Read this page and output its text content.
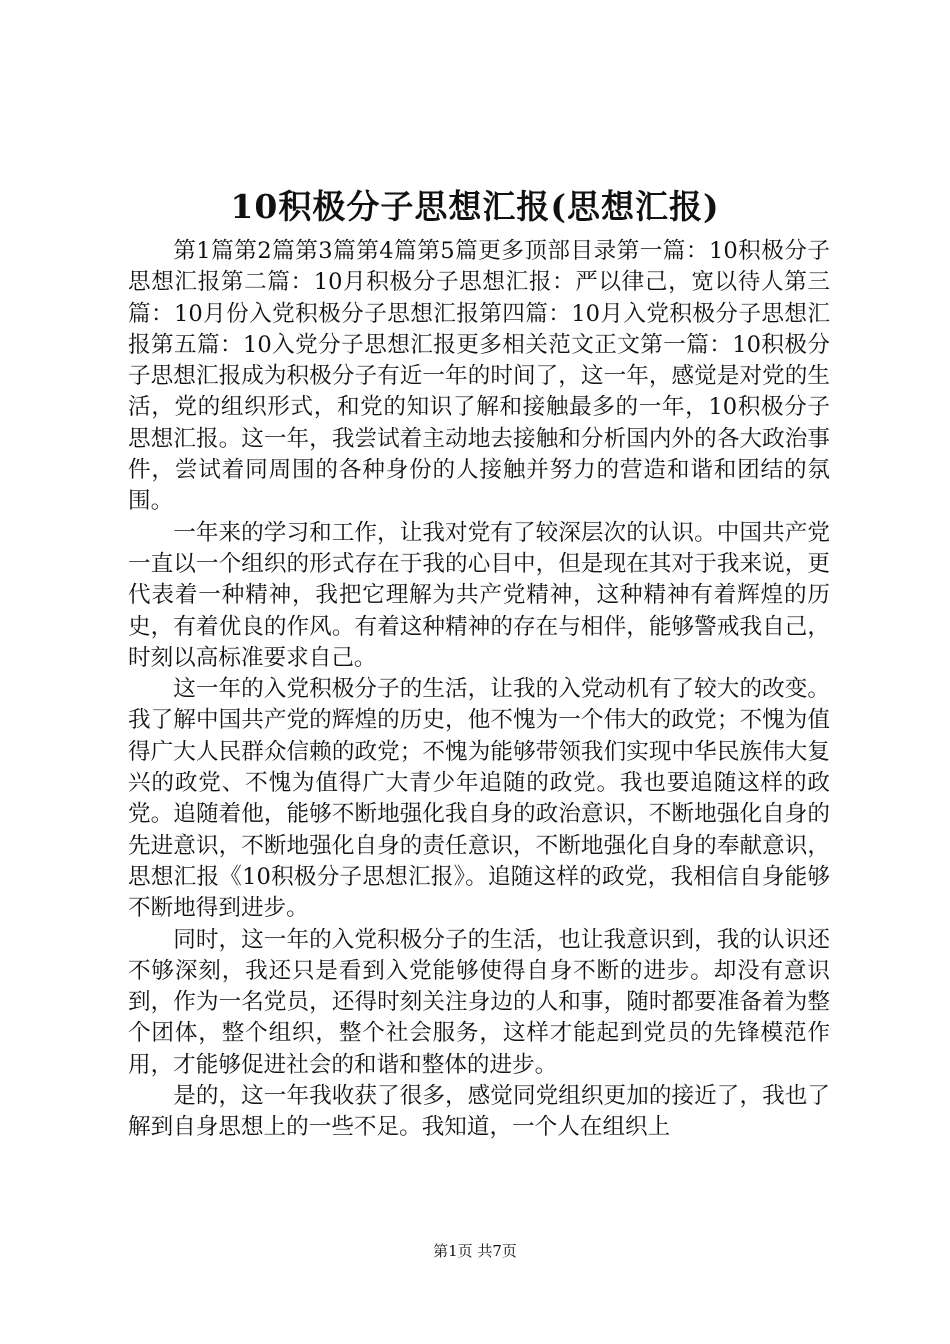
10积极分子思想汇报(思想汇报)

第1篇第2篇第3篇第4篇第5篇更多顶部目录第一篇：10积极分子思想汇报第二篇：10月积极分子思想汇报：严以律己，宽以待人第三篇：10月份入党积极分子思想汇报第四篇：10月入党积极分子思想汇报第五篇：10入党分子思想汇报更多相关范文正文第一篇：10积极分子思想汇报成为积极分子有近一年的时间了，这一年，感觉是对党的生活，党的组织形式，和党的知识了解和接触最多的一年，10积极分子思想汇报。这一年，我尝试着主动地去接触和分析国内外的各大政治事件，尝试着同周围的各种身份的人接触并努力的营造和谐和团结的氛围。

一年来的学习和工作，让我对党有了较深层次的认识。中国共产党一直以一个组织的形式存在于我的心目中，但是现在其对于我来说，更代表着一种精神，我把它理解为共产党精神，这种精神有着辉煌的历史，有着优良的作风。有着这种精神的存在与相伴，能够警戒我自己，时刻以高标准要求自己。

这一年的入党积极分子的生活，让我的入党动机有了较大的改变。我了解中国共产党的辉煌的历史，他不愧为一个伟大的政党；不愧为值得广大人民群众信赖的政党；不愧为能够带领我们实现中华民族伟大复兴的政党、不愧为值得广大青少年追随的政党。我也要追随这样的政党。追随着他，能够不断地强化我自身的政治意识，不断地强化自身的先进意识，不断地强化自身的责任意识，不断地强化自身的奉献意识，思想汇报《10积极分子思想汇报》。追随这样的政党，我相信自身能够不断地得到进步。

同时，这一年的入党积极分子的生活，也让我意识到，我的认识还不够深刻，我还只是看到入党能够使得自身不断的进步。却没有意识到，作为一名党员，还得时刻关注身边的人和事，随时都要准备着为整个团体，整个组织，整个社会服务，这样才能起到党员的先锋模范作用，才能够促进社会的和谐和整体的进步。

是的，这一年我收获了很多，感觉同党组织更加的接近了，我也了解到自身思想上的一些不足。我知道，一个人在组织上

第1页 共7页
